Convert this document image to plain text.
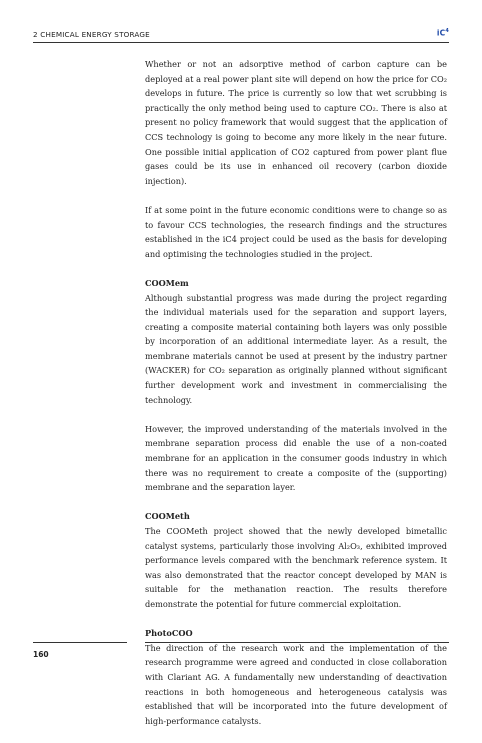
2 CHEMICAL ENERGY STORAGE	$iC^4$

Whether or not an adsorptive method of carbon capture can be deployed at a real power plant site will depend on how the price for CO₂ develops in future. The price is currently so low that wet scrubbing is practically the only method being used to capture CO₂. There is also at present no policy framework that would suggest that the application of CCS technology is going to become any more likely in the near future. One possible initial application of CO2 captured from power plant flue gases could be its use in enhanced oil recovery (carbon dioxide injection).

If at some point in the future economic conditions were to change so as to favour CCS technologies, the research findings and the structures established in the iC4 project could be used as the basis for developing and optimising the technologies studied in the project.

COOMem

Although substantial progress was made during the project regarding the individual materials used for the separation and support layers, creating a composite material containing both layers was only possible by incorporation of an additional intermediate layer. As a result, the membrane materials cannot be used at present by the industry partner (WACKER) for CO₂ separation as originally planned without significant further development work and investment in commercialising the technology.

However, the improved understanding of the materials involved in the membrane separation process did enable the use of a non-coated membrane for an application in the consumer goods industry in which there was no requirement to create a composite of the (supporting) membrane and the separation layer.

COOMeth

The COOMeth project showed that the newly developed bimetallic catalyst systems, particularly those involving Al₂O₃, exhibited improved performance levels compared with the benchmark reference system. It was also demonstrated that the reactor concept developed by MAN is suitable for the methanation reaction. The results therefore demonstrate the potential for future commercial exploitation.

PhotoCOO

The direction of the research work and the implementation of the research programme were agreed and conducted in close collaboration with Clariant AG. A fundamentally new understanding of deactivation reactions in both homogeneous and heterogeneous catalysis was established that will be incorporated into the future development of high-performance catalysts.

160
